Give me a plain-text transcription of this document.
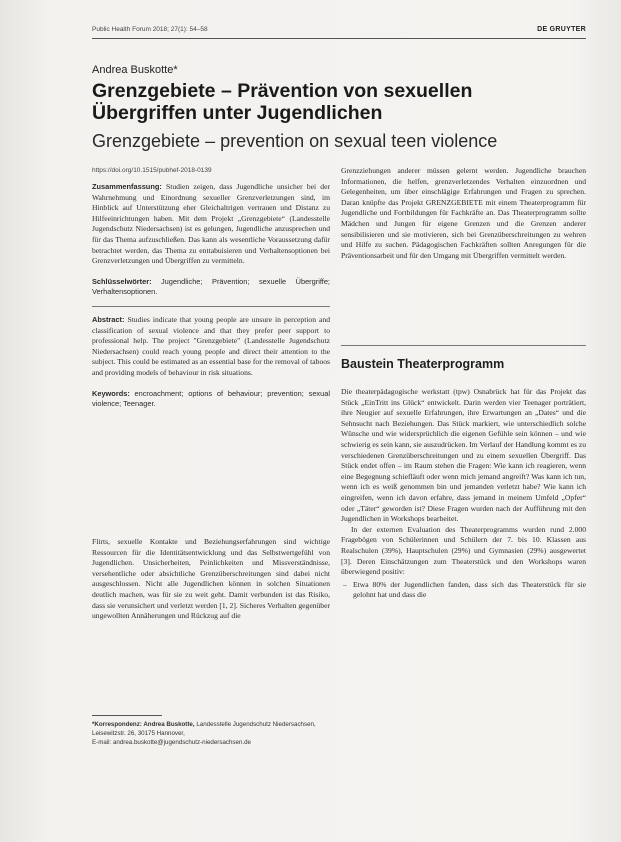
Public Health Forum 2018; 27(1): 54–58	DE GRUYTER
Andrea Buskotte*
Grenzgebiete – Prävention von sexuellen
Übergriffen unter Jugendlichen
Grenzgebiete – prevention on sexual teen violence
https://doi.org/10.1515/pubhef-2018-0139

Zusammenfassung: Studien zeigen, dass Jugendliche unsicher bei der Wahrnehmung und Einordnung sexueller Grenzverletzungen sind, im Hinblick auf Unterstützung eher Gleichaltrigen vertrauen und Distanz zu Hilfeeinrichtungen haben. Mit dem Projekt „Grenzgebiete“ (Landesstelle Jugendschutz Niedersachsen) ist es gelungen, Jugendliche anzusprechen und für das Thema aufzuschließen. Das kann als wesentliche Voraussetzung dafür betrachtet werden, das Thema zu enttabuisieren und Verhaltensoptionen bei Grenzverletzungen und Übergriffen zu vermitteln.

Schlüsselwörter: Jugendliche; Prävention; sexuelle Übergriffe; Verhaltensoptionen.

Abstract: Studies indicate that young people are unsure in perception and classification of sexual violence and that they prefer peer support to professional help. The project "Grenzgebiete" (Landesstelle Jugendschutz Niedersachsen) could reach young people and direct their attention to the subject. This could be estimated as an essential base for the removal of taboos and providing models of behaviour in risk situations.

Keywords: encroachment; options of behaviour; prevention; sexual violence; Teenager.

Flirts, sexuelle Kontakte und Beziehungserfahrungen sind wichtige Ressourcen für die Identitätsentwicklung und das Selbstwertgefühl von Jugendlichen. Unsicherheiten, Peinlichkeiten und Missverständnisse, versehentliche oder absichtliche Grenzüberschreitungen sind dabei nicht ausgeschlossen. Nicht alle Jugendlichen können in solchen Situationen deutlich machen, was für sie zu weit geht. Damit verbunden ist das Risiko, dass sie verunsichert und verletzt werden [1, 2]. Sicheres Verhalten gegenüber ungewollten Annäherungen und Rückzug auf die

*Korrespondenz: Andrea Buskotte, Landesstelle Jugendschutz Niedersachsen, Leisewitzstr. 26, 30175 Hannover,
E-mail: andrea.buskotte@jugendschutz-niedersachsen.de

Grenzziehungen anderer müssen gelernt werden. Jugendliche brauchen Informationen, die helfen, grenzverletzendes Verhalten einzuordnen und Gelegenheiten, um über einschlägige Erfahrungen und Fragen zu sprechen. Daran knüpfte das Projekt GRENZGEBIETE mit einem Theaterprogramm für Jugendliche und Fortbildungen für Fachkräfte an. Das Theaterprogramm sollte Mädchen und Jungen für eigene Grenzen und die Grenzen anderer sensibilisieren und sie motivieren, sich bei Grenzüberschreitungen zu wehren und Hilfe zu suchen. Pädagogischen Fachkräften sollten Anregungen für die Präventionsarbeit und für den Umgang mit Übergriffen vermittelt werden.

Baustein Theaterprogramm

Die theaterpädagogische werkstatt (tpw) Osnabrück hat für das Projekt das Stück „EinTritt ins Glück“ entwickelt. Darin werden vier Teenager porträtiert, ihre Neugier auf sexuelle Erfahrungen, ihre Erwartungen an „Dates“ und die Sehnsucht nach Beziehungen. Das Stück markiert, wie unterschiedlich solche Wünsche und wie widersprüchlich die eigenen Gefühle sein können – und wie schwierig es sein kann, sie auszudrücken. Im Verlauf der Handlung kommt es zu verschiedenen Grenzüberschreitungen und zu einem sexuellen Übergriff. Das Stück endet offen – im Raum stehen die Fragen: Wie kann ich reagieren, wenn eine Begegnung schiefläuft oder wenn mich jemand angreift? Was kann ich tun, wenn ich es weiß genommen bin und jemanden verletzt habe? Wie kann ich eingreifen, wenn ich davon erfahre, dass jemand in meinem Umfeld „Opfer“ oder „Täter“ geworden ist? Diese Fragen wurden nach der Aufführung mit den Jugendlichen in Workshops bearbeitet.

In der externen Evaluation des Theaterprogramms wurden rund 2.000 Fragebögen von Schülerinnen und Schülern der 7. bis 10. Klassen aus Realschulen (39%), Hauptschulen (29%) und Gymnasien (29%) ausgewertet [3]. Deren Einschätzungen zum Theaterstück und den Workshops waren überwiegend positiv:

– Etwa 80% der Jugendlichen fanden, dass sich das Theaterstück für sie gelohnt hat und dass die
